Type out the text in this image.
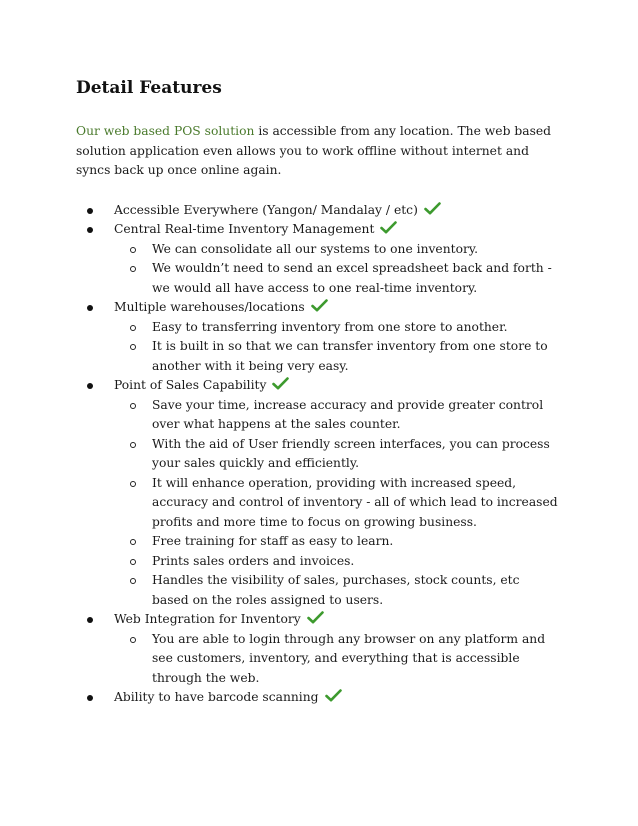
Detail Features

Our web based POS solution is accessible from any location. The web based solution application even allows you to work offline without internet and syncs back up once online again.

Accessible Everywhere (Yangon/ Mandalay / etc)
Central Real-time Inventory Management
We can consolidate all our systems to one inventory.
We wouldn’t need to send an excel spreadsheet back and forth - we would all have access to one real-time inventory.
Multiple warehouses/locations
Easy to transferring inventory from one store to another.
It is built in so that we can transfer inventory from one store to another with it being very easy.
Point of Sales Capability
Save your time, increase accuracy and provide greater control over what happens at the sales counter.
With the aid of User friendly screen interfaces, you can process your sales quickly and efficiently.
It will enhance operation, providing with increased speed, accuracy and control of inventory - all of which lead to increased profits and more time to focus on growing business.
Free training for staff as easy to learn.
Prints sales orders and invoices.
Handles the visibility of sales, purchases, stock counts, etc based on the roles assigned to users.
Web Integration for Inventory
You are able to login through any browser on any platform and see customers, inventory, and everything that is accessible through the web.
Ability to have barcode scanning
